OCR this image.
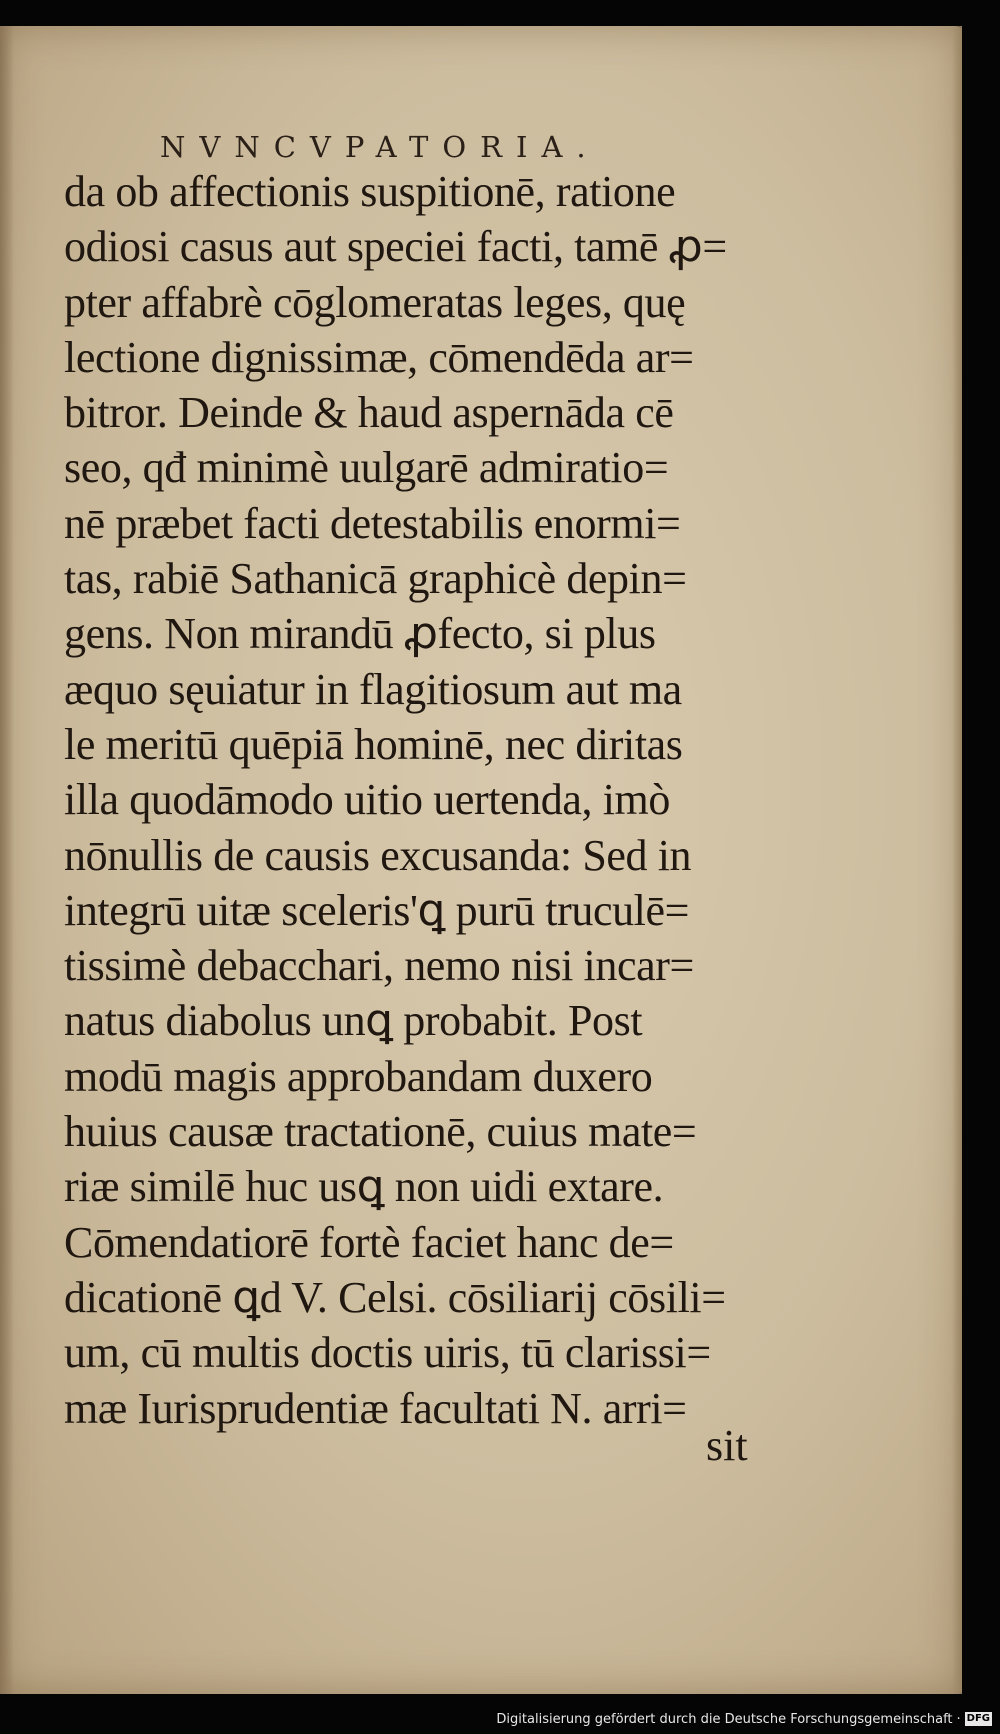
NVNCVPATORIA.
da ob affectionis suspitionē, ratione
odiosi casus aut speciei facti, tamē ꝓ=
pter affabrè cōglomeratas leges, quę
lectione dignissimæ, cōmendēda ar=
bitror. Deinde & haud aspernāda cē
seo, qđ minimè uulgarē admiratio=
nē præbet facti detestabilis enormi=
tas, rabiē Sathanicā graphicè depin=
gens. Non mirandū ꝓfecto, si plus
æquo sęuiatur in flagitiosum aut ma
le meritū quēpiā hominē, nec diritas
illa quodāmodo uitio uertenda, imò
nōnullis de causis excusanda: Sed in
integrū uitæ sceleris'ꝗ purū truculē=
tissimè debacchari, nemo nisi incar=
natus diabolus unꝗ probabit. Post
modū magis approbandam duxero
huius causæ tractationē, cuius mate=
riæ similē huc usꝗ non uidi extare.
Cōmendatiorē fortè faciet hanc de=
dicationē ꝗd V. Celsi. cōsiliarij cōsili=
um, cū multis doctis uiris, tū clarissi=
mæ Iurisprudentiæ facultati N. arri=
sit
Digitalisierung gefördert durch die Deutsche Forschungsgemeinschaft · DFG
